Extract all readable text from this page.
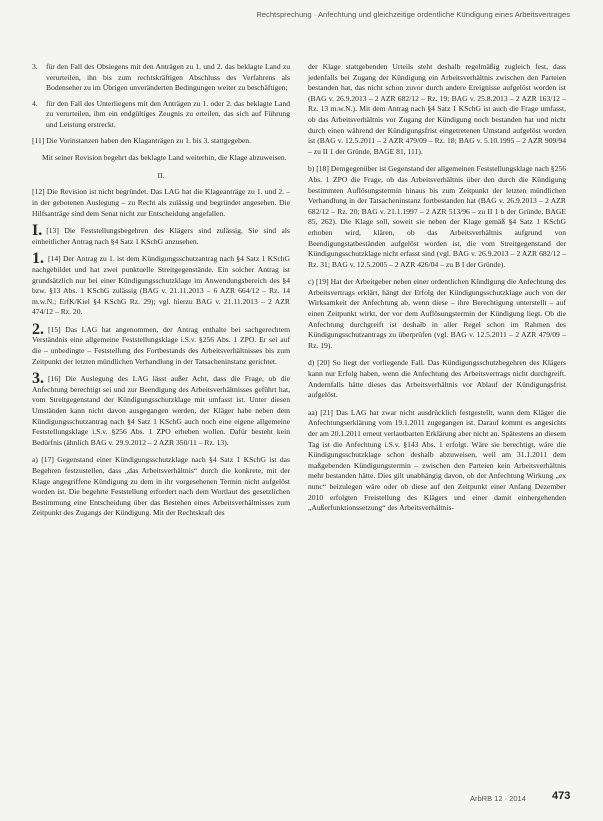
Rechtsprechung · Anfechtung und gleichzeitige ordentliche Kündigung eines Arbeitsvertrages
3.	für den Fall des Obsiegens mit den Anträgen zu 1. und 2. das beklagte Land zu verurteilen, ihn bis zum rechtskräftigen Abschluss des Verfahrens als Bodenseher zu im Übrigen unveränderten Bedingungen weiter zu beschäftigen;
4.	für den Fall des Unterliegens mit den Anträgen zu 1. oder 2. das beklagte Land zu verurteilen, ihm ein endgültiges Zeugnis zu erteilen, das sich auf Führung und Leistung erstreckt.

[11] Die Vorinstanzen haben den Klaganträgen zu 1. bis 3. stattgegeben.

Mit seiner Revision begehrt das beklagte Land weiterhin, die Klage abzuweisen.

II.

[12] Die Revision ist nicht begründet. Das LAG hat die Klageanträge zu 1. und 2. – in der gebotenen Auslegung – zu Recht als zulässig und begründet angesehen. Die Hilfsanträge sind dem Senat nicht zur Entscheidung angefallen.

I. [13] Die Feststellungsbegehren des Klägers sind zulässig. Sie sind als einheitlicher Antrag nach §4 Satz 1 KSchG anzusehen.

1. [14] Der Antrag zu 1. ist dem Kündigungsschutzantrag nach §4 Satz 1 KSchG nachgebildet und hat zwei punktuelle Streitgegenstände. Ein solcher Antrag ist grundsätzlich nur bei einer Kündigungsschutzklage im Anwendungsbereich des §4 bzw. §13 Abs. 1 KSchG zulässig (BAG v. 21.11.2013 – 6 AZR 664/12 – Rz. 14 m.w.N.; ErfK/Kiel §4 KSchG Rz. 29); vgl. hierzu BAG v. 21.11.2013 – 2 AZR 474/12 – Rz. 20.

2. [15] Das LAG hat angenommen, der Antrag enthalte bei sachgerechtem Verständnis eine allgemeine Feststellungsklage i.S.v. §256 Abs. 1 ZPO. Er sei auf die – unbedingte – Feststellung des Fortbestands des Arbeitsverhältnisses bis zum Zeitpunkt der letzten mündlichen Verhandlung in der Tatsacheninstanz gerichtet.

3. [16] Die Auslegung des LAG lässt außer Acht, dass die Frage, ob die Anfechtung berechtigt sei und zur Beendigung des Arbeitsverhältnisses geführt hat, vom Streitgegenstand der Kündigungsschutzklage mit umfasst ist. Unter diesen Umständen kann nicht davon ausgegangen werden, der Kläger habe neben dem Kündigungsschutzantrag nach §4 Satz 1 KSchG auch noch eine eigene allgemeine Feststellungsklage i.S.v. §256 Abs. 1 ZPO erheben wollen. Dafür besteht kein Bedürfnis (ähnlich BAG v. 29.9.2012 – 2 AZR 350/11 – Rz. 13).

a) [17] Gegenstand einer Kündigungsschutzklage nach §4 Satz 1 KSchG ist das Begehren festzustellen, dass „das Arbeitsverhältnis“ durch die konkrete, mit der Klage angegriffene Kündigung zu dem in ihr vorgesehenen Termin nicht aufgelöst worden ist. Die begehrte Feststellung erfordert nach dem Wortlaut des gesetzlichen Bestimmung eine Entscheidung über das Bestehen eines Arbeitsverhältnisses zum Zeitpunkt des Zugangs der Kündigung. Mit der Rechtskraft des

der Klage stattgebenden Urteils steht deshalb regelmäßig zugleich fest, dass jedenfalls bei Zugang der Kündigung ein Arbeitsverhältnis zwischen den Parteien bestanden hat, das nicht schon zuvor durch andere Ereignisse aufgelöst worden ist (BAG v. 26.9.2013 – 2 AZR 682/12 – Rz. 19; BAG v. 25.8.2013 – 2 AZR 163/12 – Rz. 13 m.w.N.). Mit dem Antrag nach §4 Satz 1 KSchG ist auch die Frage umfasst, ob das Arbeitsverhältnis vor Zugang der Kündigung noch bestanden hat und nicht durch einen während der Kündigungsfrist eingetretenen Umstand aufgelöst worden ist (BAG v. 12.5.2011 – 2 AZR 479/09 – Rz. 18; BAG v. 5.10.1995 – 2 AZR 909/94 – zu II 1 der Gründe, BAGE 81, 111).

b) [18] Demgegenüber ist Gegenstand der allgemeinen Feststellungsklage nach §256 Abs. 1 ZPO die Frage, ob das Arbeitsverhältnis über den durch die Kündigung bestimmten Auflösungstermin hinaus bis zum Zeitpunkt der letzten mündlichen Verhandlung in der Tatsacheninstanz fortbestanden hat (BAG v. 26.9.2013 – 2 AZR 682/12 – Rz. 20; BAG v. 21.1.1997 – 2 AZR 513/96 – zu II 1 b der Gründe, BAGE 85, 262). Die Klage soll, soweit sie neben der Klage gemäß §4 Satz 1 KSchG erhoben wird, klären, ob das Arbeitsverhältnis aufgrund von Beendigungstatbeständen aufgelöst worden ist, die vom Streitgegenstand der Kündigungsschutzklage nicht erfasst sind (vgl. BAG v. 26.9.2013 – 2 AZR 682/12 – Rz. 31; BAG v. 12.5.2005 – 2 AZR 426/04 – zu B I der Gründe).

c) [19] Hat der Arbeitgeber neben einer ordentlichen Kündigung die Anfechtung des Arbeitsvertrags erklärt, hängt der Erfolg der Kündigungsschutzklage auch von der Wirksamkeit der Anfechtung ab, wenn diese – ihre Berechtigung unterstellt – auf einen Zeitpunkt wirkt, der vor dem Auflösungstermin der Kündigung liegt. Ob die Anfechtung durchgreift ist deshalb in aller Regel schon im Rahmen des Kündigungsschutzantrags zu überprüfen (vgl. BAG v. 12.5.2011 – 2 AZR 479/09 – Rz. 19).

d) [20] So liegt der vorliegende Fall. Das Kündigungsschutzbegehren des Klägers kann nur Erfolg haben, wenn die Anfechtung des Arbeitsvertrags nicht durchgreift. Andernfalls hätte dieses das Arbeitsverhältnis vor Ablauf der Kündigungsfrist aufgelöst.

aa) [21] Das LAG hat zwar nicht ausdrücklich festgestellt, wann dem Kläger die Anfechtungserklärung vom 19.1.2011 zugegangen ist. Darauf kommt es angesichts der am 20.1.2011 erneut verlautbarten Erklärung aber nicht an. Spätestens an diesem Tag ist die Anfechtung i.S.v. §143 Abs. 1 erfolgt. Wäre sie berechtigt, wäre die Kündigungsschutzklage schon deshalb abzuweisen, weil am 31.1.2011 dem maßgebenden Kündigungstermin – zwischen den Parteien kein Arbeitsverhältnis mehr bestanden hätte. Dies gilt unabhängig davon, ob der Anfechtung Wirkung „ex nunc“ beizulegen wäre oder ob diese auf den Zeitpunkt einer Anfang Dezember 2010 erfolgten Freistellung des Klägers und einer damit einhergehenden „Außerfunktionssetzung“ des Arbeitsverhältnis-

ArbRB 12 · 2014 473
